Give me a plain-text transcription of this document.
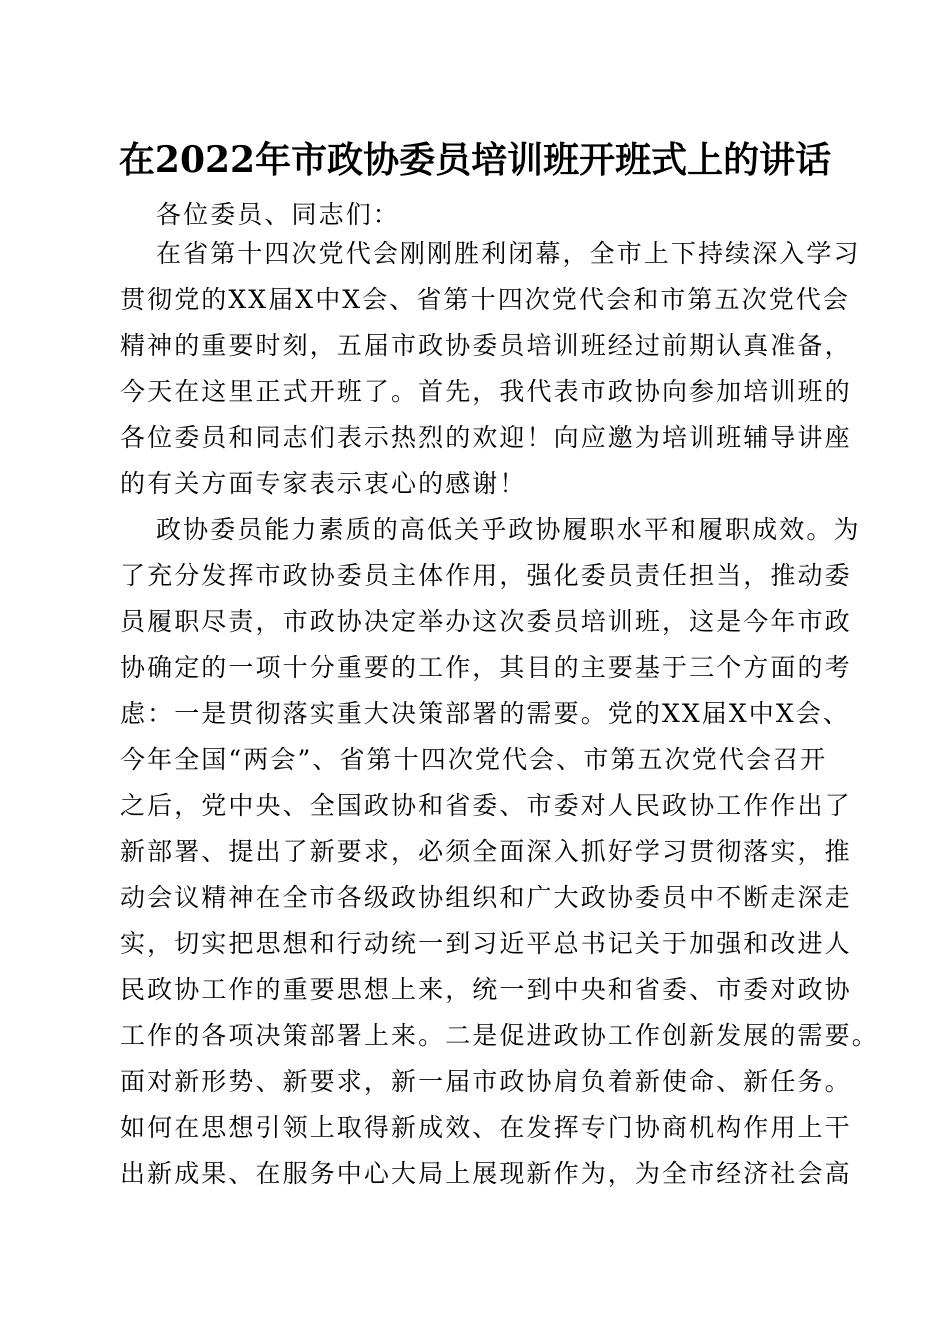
在2022年市政协委员培训班开班式上的讲话

各位委员、同志们：

在省第十四次党代会刚刚胜利闭幕，全市上下持续深入学习

贯彻党的XX届X中X会、省第十四次党代会和市第五次党代会

精神的重要时刻，五届市政协委员培训班经过前期认真准备，

今天在这里正式开班了。首先，我代表市政协向参加培训班的

各位委员和同志们表示热烈的欢迎！向应邀为培训班辅导讲座

的有关方面专家表示衷心的感谢！

政协委员能力素质的高低关乎政协履职水平和履职成效。为

了充分发挥市政协委员主体作用，强化委员责任担当，推动委

员履职尽责，市政协决定举办这次委员培训班，这是今年市政

协确定的一项十分重要的工作，其目的主要基于三个方面的考

虑：一是贯彻落实重大决策部署的需要。党的XX届X中X会、

今年全国“两会”、省第十四次党代会、市第五次党代会召开

之后，党中央、全国政协和省委、市委对人民政协工作作出了

新部署、提出了新要求，必须全面深入抓好学习贯彻落实，推

动会议精神在全市各级政协组织和广大政协委员中不断走深走

实，切实把思想和行动统一到习近平总书记关于加强和改进人

民政协工作的重要思想上来，统一到中央和省委、市委对政协

工作的各项决策部署上来。二是促进政协工作创新发展的需要。

面对新形势、新要求，新一届市政协肩负着新使命、新任务。

如何在思想引领上取得新成效、在发挥专门协商机构作用上干

出新成果、在服务中心大局上展现新作为，为全市经济社会高
